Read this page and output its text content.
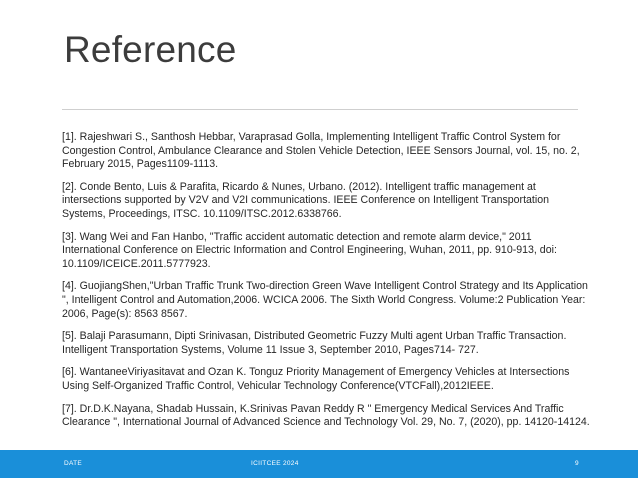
Reference
[1]. Rajeshwari S., Santhosh Hebbar, Varaprasad Golla, Implementing Intelligent Traffic Control System for Congestion Control, Ambulance Clearance and Stolen Vehicle Detection, IEEE Sensors Journal, vol. 15, no. 2, February 2015, Pages1109-1113.
[2]. Conde Bento, Luis & Parafita, Ricardo & Nunes, Urbano. (2012). Intelligent traffic management at intersections supported by V2V and V2I communications. IEEE Conference on Intelligent Transportation Systems, Proceedings, ITSC. 10.1109/ITSC.2012.6338766.
[3]. Wang Wei and Fan Hanbo, "Traffic accident automatic detection and remote alarm device," 2011 International Conference on Electric Information and Control Engineering, Wuhan, 2011, pp. 910-913, doi: 10.1109/ICEICE.2011.5777923.
[4]. GuojiangShen,"Urban Traffic Trunk Two-direction Green Wave Intelligent Control Strategy and Its Application ", Intelligent Control and Automation,2006. WCICA 2006. The Sixth World Congress. Volume:2 Publication Year: 2006, Page(s): 8563 8567.
[5]. Balaji Parasumann, Dipti Srinivasan, Distributed Geometric Fuzzy Multi agent Urban Traffic Transaction. Intelligent Transportation Systems, Volume 11 Issue 3, September 2010, Pages714- 727.
[6]. WantaneeViriyasitavat and Ozan K. Tonguz Priority Management of Emergency Vehicles at Intersections Using Self-Organized Traffic Control, Vehicular Technology Conference(VTCFall),2012IEEE.
[7]. Dr.D.K.Nayana, Shadab Hussain, K.Srinivas Pavan Reddy R " Emergency Medical Services And Traffic Clearance ", International Journal of Advanced Science and Technology Vol. 29, No. 7, (2020), pp. 14120-14124.
DATE	ICIITCEE 2024	9
